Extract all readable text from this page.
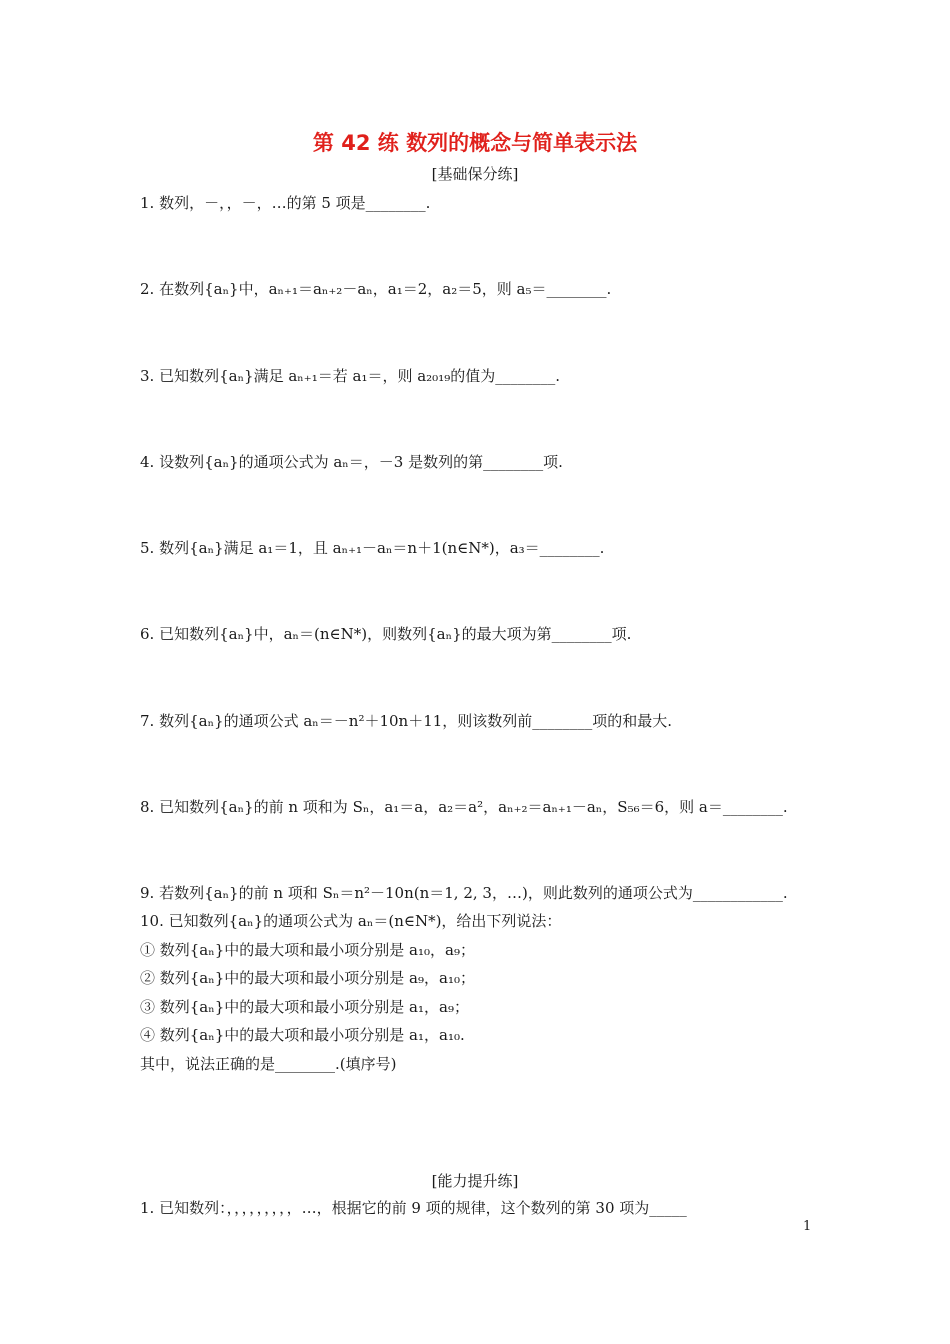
第 42 练 数列的概念与简单表示法
[基础保分练]
1. 数列，－，，－，…的第 5 项是________.
2. 在数列{aₙ}中，aₙ₊₁＝aₙ₊₂－aₙ，a₁＝2，a₂＝5，则 a₅＝________.
3. 已知数列{aₙ}满足 aₙ₊₁＝若 a₁＝，则 a₂₀₁₉的值为________.
4. 设数列{aₙ}的通项公式为 aₙ＝，－3 是数列的第________项.
5. 数列{aₙ}满足 a₁＝1，且 aₙ₊₁－aₙ＝n＋1(n∈N*)，a₃＝________.
6. 已知数列{aₙ}中，aₙ＝(n∈N*)，则数列{aₙ}的最大项为第________项.
7. 数列{aₙ}的通项公式 aₙ＝－n²＋10n＋11，则该数列前________项的和最大.
8. 已知数列{aₙ}的前 n 项和为 Sₙ，a₁＝a，a₂＝a²，aₙ₊₂＝aₙ₊₁－aₙ，S₅₆＝6，则 a＝________.
9. 若数列{aₙ}的前 n 项和 Sₙ＝n²－10n(n＝1, 2, 3，…)，则此数列的通项公式为____________.
10. 已知数列{aₙ}的通项公式为 aₙ＝(n∈N*)，给出下列说法：
① 数列{aₙ}中的最大项和最小项分别是 a₁₀，a₉；
② 数列{aₙ}中的最大项和最小项分别是 a₉，a₁₀；
③ 数列{aₙ}中的最大项和最小项分别是 a₁，a₉；
④ 数列{aₙ}中的最大项和最小项分别是 a₁，a₁₀.
其中，说法正确的是________.(填序号)
[能力提升练]
1. 已知数列：，，，，，，，，，…，根据它的前 9 项的规律，这个数列的第 30 项为_____
1
